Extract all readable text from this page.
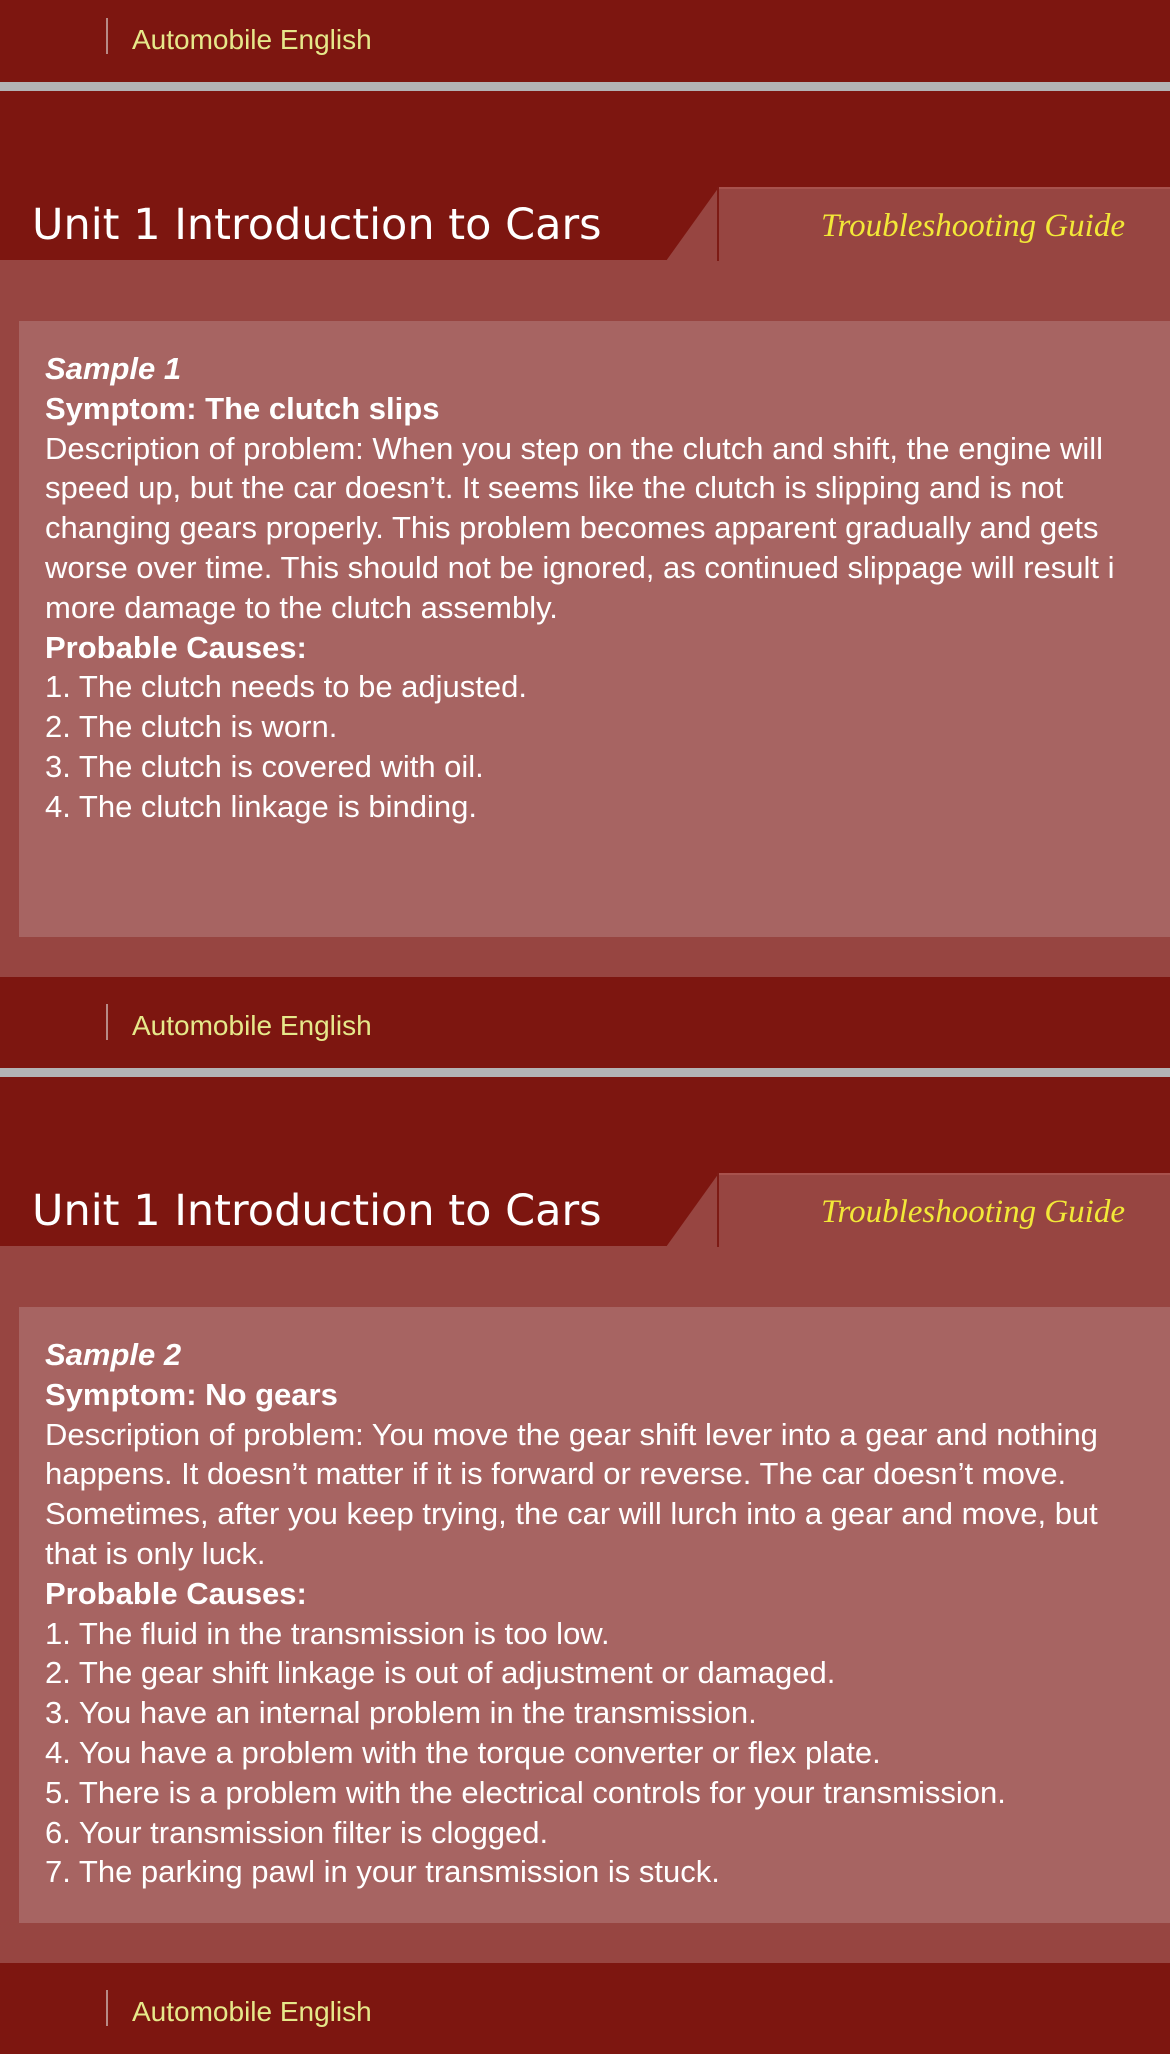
Automobile English
Unit 1 Introduction to Cars	Troubleshooting Guide
Sample 1
Symptom: The clutch slips
Description of problem: When you step on the clutch and shift, the engine will
speed up, but the car doesn’t. It seems like the clutch is slipping and is not
changing gears properly. This problem becomes apparent gradually and gets
worse over time. This should not be ignored, as continued slippage will result i
more damage to the clutch assembly.
Probable Causes:
1. The clutch needs to be adjusted.
2. The clutch is worn.
3. The clutch is covered with oil.
4. The clutch linkage is binding.
Automobile English
Unit 1 Introduction to Cars	Troubleshooting Guide
Sample 2
Symptom: No gears
Description of problem: You move the gear shift lever into a gear and nothing
happens. It doesn’t matter if it is forward or reverse. The car doesn’t move.
Sometimes, after you keep trying, the car will lurch into a gear and move, but
that is only luck.
Probable Causes:
1. The fluid in the transmission is too low.
2. The gear shift linkage is out of adjustment or damaged.
3. You have an internal problem in the transmission.
4. You have a problem with the torque converter or flex plate.
5. There is a problem with the electrical controls for your transmission.
6. Your transmission filter is clogged.
7. The parking pawl in your transmission is stuck.
Automobile English
